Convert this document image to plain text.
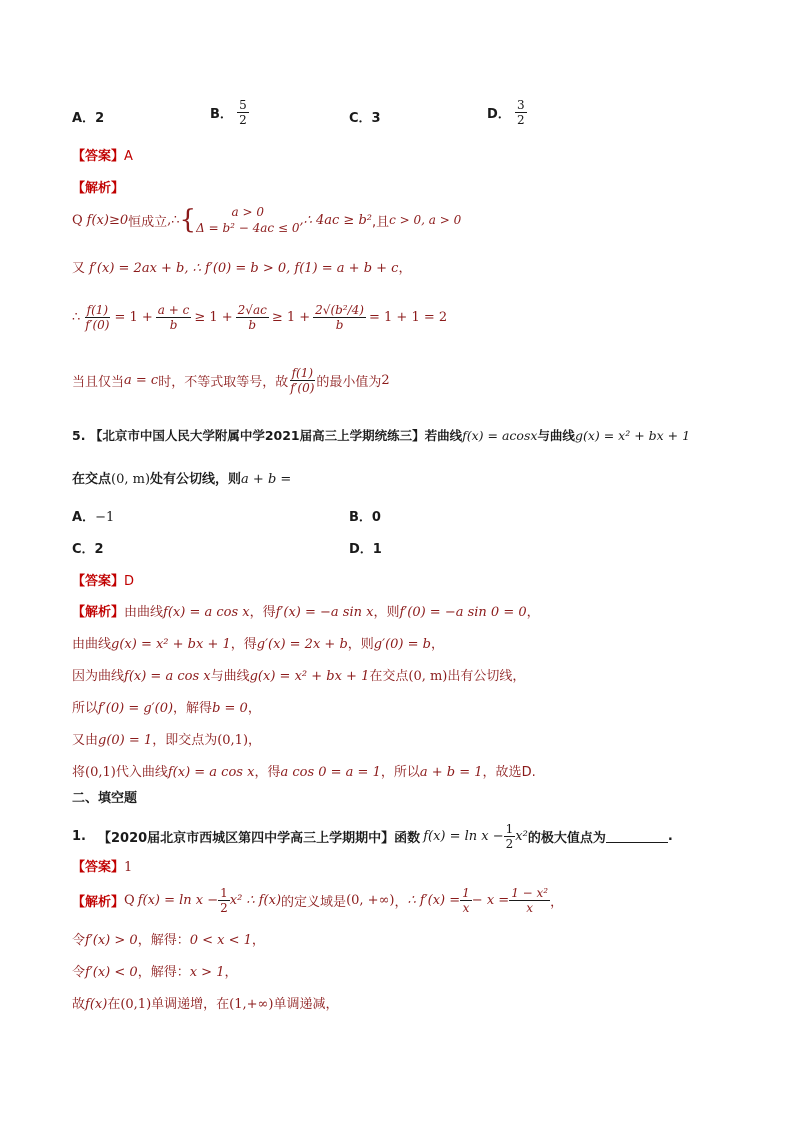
A．2	B． $\frac{5}{2}$	C．3	D． $\frac{3}{2}$
【答案】A
【解析】
Q f(x)≥0 恒成立 ,∴ {	a > 0
Δ = b² − 4ac ≤ 0
,∴ 4ac ≥ b² ,且 c > 0, a > 0
又 f′(x) = 2ax + b, ∴ f′(0) = b > 0, f(1) = a + b + c，
∴ $\frac{f(1)}{f'(0)} = 1 + \frac{a + c}{b} \ge 1 + \frac{2√ac}{b} \ge 1 + \frac{\text{2√(b²/4)}}{b} = 1 + 1 = 2$
当且仅当 a = c 时，不等式取等号，故 $\frac{f(1)}{f'(0)}$ 的最小值为 2
5. 【北京市中国人民大学附属中学2021届高三上学期统练三】若曲线f(x) = acosx与曲线g(x) = x² + bx + 1
在交点(0, m)处有公切线，则a + b =
A．−1	B．0
C．2	D．1
【答案】D
【解析】由曲线f(x) = a cos x，得f′(x) = −a sin x，则f′(0) = −a sin 0 = 0，
由曲线g(x) = x² + bx + 1，得g′(x) = 2x + b，则g′(0) = b，
因为曲线f(x) = a cos x与曲线g(x) = x² + bx + 1在交点(0, m)出有公切线，
所以f′(0) = g′(0)，解得b = 0，
又由g(0) = 1，即交点为(0,1)，
将(0,1)代入曲线f(x) = a cos x，得a cos 0 = a = 1，所以a + b = 1，故选D.
二、填空题
1. 【2020届北京市西城区第四中学高三上学期期中】 函数 $f(x) = \ln x - \frac{1}{2} x^2$ 的极大值点为	.
【答案】1
【解析】 Q $f(x) = \ln x - \frac{1}{2} x^2$ ∴ f(x) 的定义域是 (0, +∞) ， ∴ $f'(x) = \frac{1}{x} - x = \frac{\text{1 − x²}}{x}$ ，
令f′(x) > 0，解得：0 < x < 1，
令f′(x) < 0，解得：x > 1，
故f(x)在(0,1)单调递增，在(1,+∞)单调递减，
